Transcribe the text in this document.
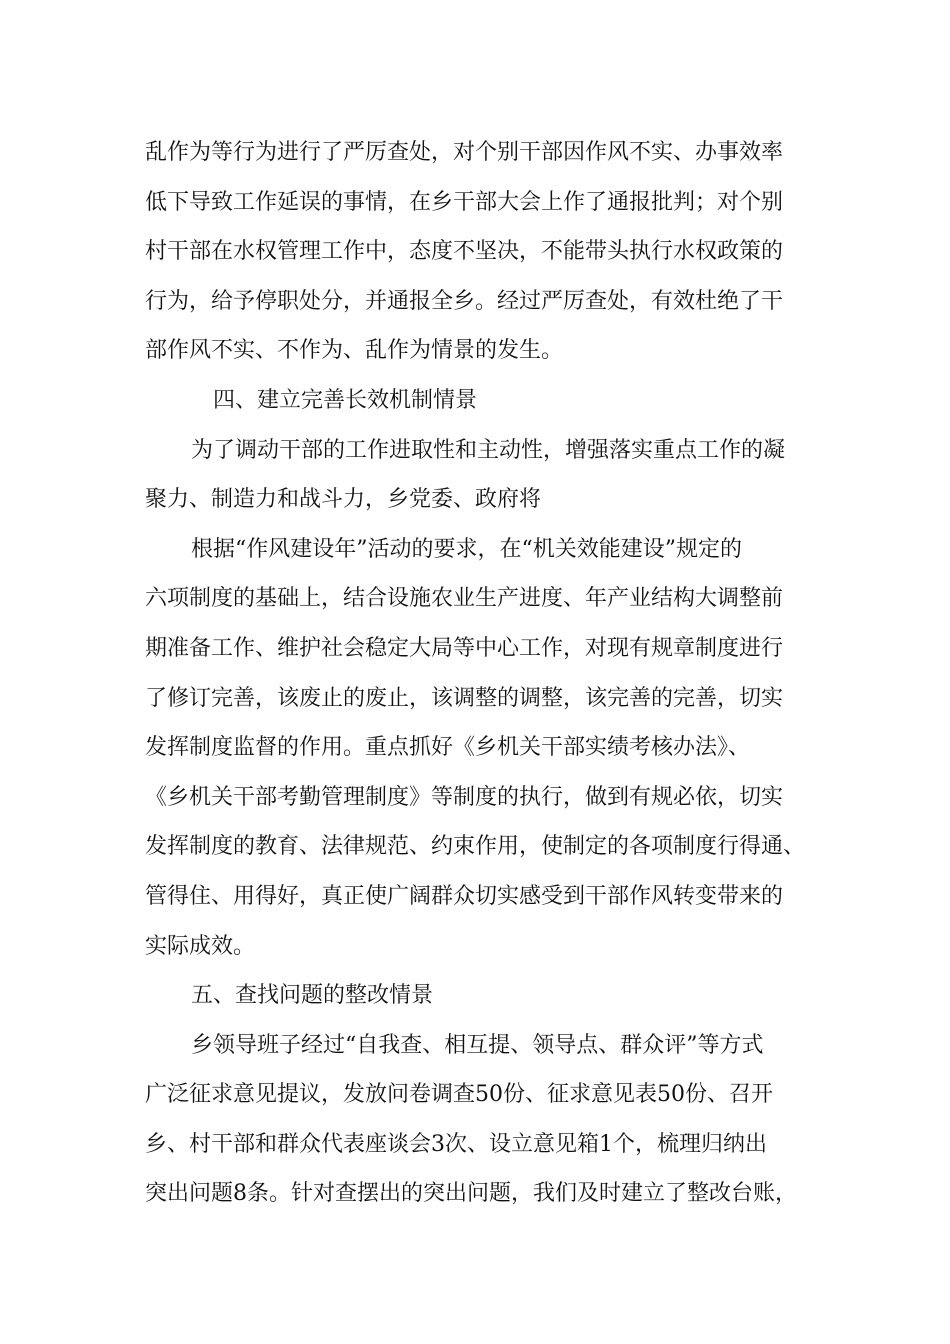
乱作为等行为进行了严厉查处，对个别干部因作风不实、办事效率
低下导致工作延误的事情，在乡干部大会上作了通报批判；对个别
村干部在水权管理工作中，态度不坚决，不能带头执行水权政策的
行为，给予停职处分，并通报全乡。经过严厉查处，有效杜绝了干
部作风不实、不作为、乱作为情景的发生。
四、建立完善长效机制情景
为了调动干部的工作进取性和主动性，增强落实重点工作的凝
聚力、制造力和战斗力，乡党委、政府将
根据“作风建设年”活动的要求，在“机关效能建设”规定的
六项制度的基础上，结合设施农业生产进度、年产业结构大调整前
期准备工作、维护社会稳定大局等中心工作，对现有规章制度进行
了修订完善，该废止的废止，该调整的调整，该完善的完善，切实
发挥制度监督的作用。重点抓好《乡机关干部实绩考核办法》、
《乡机关干部考勤管理制度》等制度的执行，做到有规必依，切实
发挥制度的教育、法律规范、约束作用，使制定的各项制度行得通、
管得住、用得好，真正使广阔群众切实感受到干部作风转变带来的
实际成效。
五、查找问题的整改情景
乡领导班子经过“自我查、相互提、领导点、群众评”等方式
广泛征求意见提议，发放问卷调查50份、征求意见表50份、召开
乡、村干部和群众代表座谈会3次、设立意见箱1个，梳理归纳出
突出问题8条。针对查摆出的突出问题，我们及时建立了整改台账，
